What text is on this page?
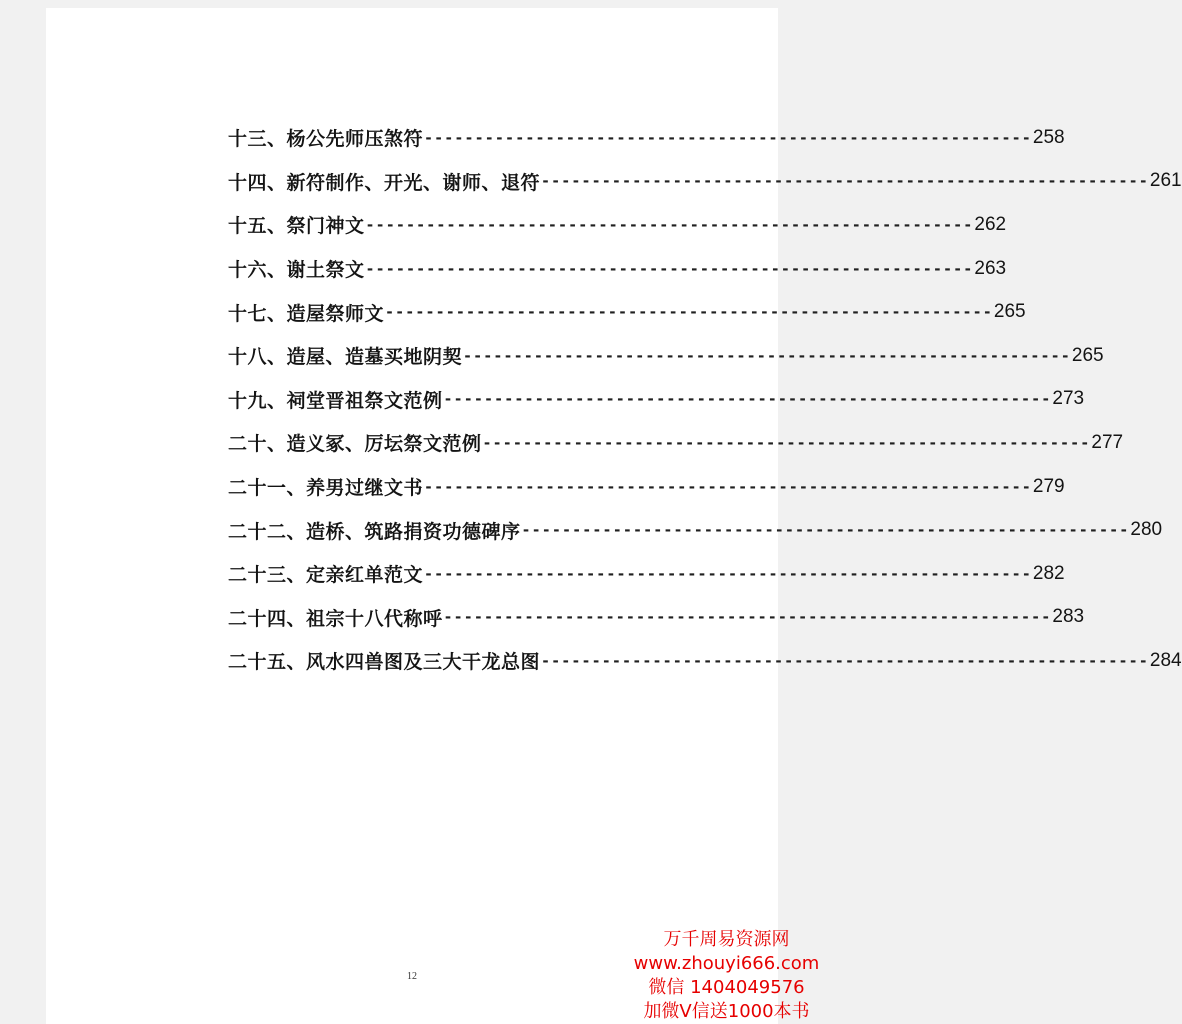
十三、杨公先师压煞符 ------------------------------------------------------------ 258
十四、新符制作、开光、谢师、退符 ------------------------------------------------------------ 261
十五、祭门神文 ------------------------------------------------------------ 262
十六、谢土祭文 ------------------------------------------------------------ 263
十七、造屋祭师文 ------------------------------------------------------------ 265
十八、造屋、造墓买地阴契 ------------------------------------------------------------ 265
十九、祠堂晋祖祭文范例 ------------------------------------------------------------ 273
二十、造义冢、厉坛祭文范例 ------------------------------------------------------------ 277
二十一、养男过继文书 ------------------------------------------------------------ 279
二十二、造桥、筑路捐资功德碑序 ------------------------------------------------------------ 280
二十三、定亲红单范文 ------------------------------------------------------------ 282
二十四、祖宗十八代称呼 ------------------------------------------------------------ 283
二十五、风水四兽图及三大干龙总图 ------------------------------------------------------------ 284
12
万千周易资源网
www.zhouyi666.com
微信 1404049576
加微V信送1000本书
